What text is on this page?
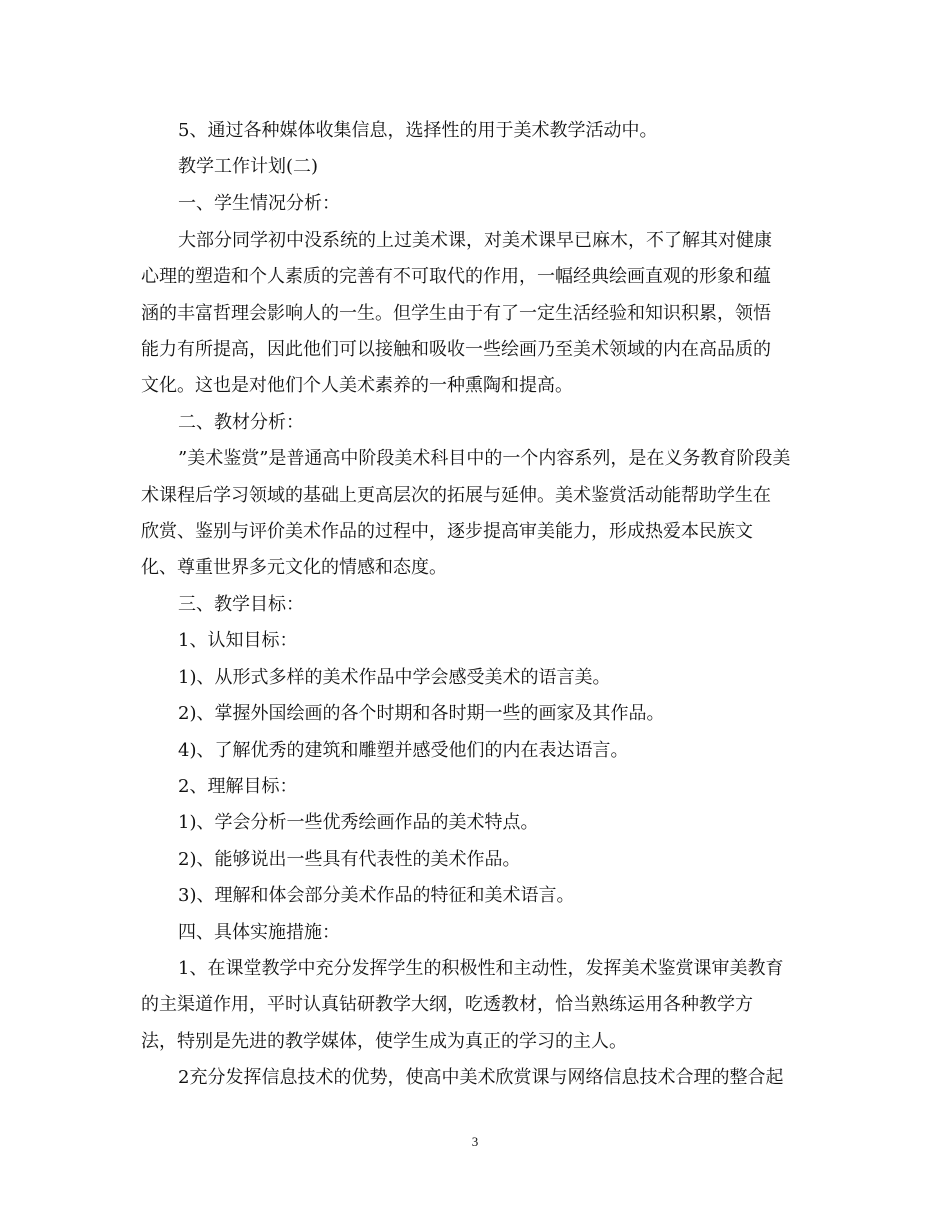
5、通过各种媒体收集信息，选择性的用于美术教学活动中。
教学工作计划(二)
一、学生情况分析：
大部分同学初中没系统的上过美术课，对美术课早已麻木，不了解其对健康
心理的塑造和个人素质的完善有不可取代的作用，一幅经典绘画直观的形象和蕴
涵的丰富哲理会影响人的一生。但学生由于有了一定生活经验和知识积累，领悟
能力有所提高，因此他们可以接触和吸收一些绘画乃至美术领域的内在高品质的
文化。这也是对他们个人美术素养的一种熏陶和提高。
二、教材分析：
”美术鉴赏”是普通高中阶段美术科目中的一个内容系列，是在义务教育阶段美
术课程后学习领域的基础上更高层次的拓展与延伸。美术鉴赏活动能帮助学生在
欣赏、鉴别与评价美术作品的过程中，逐步提高审美能力，形成热爱本民族文
化、尊重世界多元文化的情感和态度。
三、教学目标：
1、认知目标：
1)、从形式多样的美术作品中学会感受美术的语言美。
2)、掌握外国绘画的各个时期和各时期一些的画家及其作品。
4)、了解优秀的建筑和雕塑并感受他们的内在表达语言。
2、理解目标：
1)、学会分析一些优秀绘画作品的美术特点。
2)、能够说出一些具有代表性的美术作品。
3)、理解和体会部分美术作品的特征和美术语言。
四、具体实施措施：
1、在课堂教学中充分发挥学生的积极性和主动性，发挥美术鉴赏课审美教育
的主渠道作用，平时认真钻研教学大纲，吃透教材，恰当熟练运用各种教学方
法，特别是先进的教学媒体，使学生成为真正的学习的主人。
2充分发挥信息技术的优势，使高中美术欣赏课与网络信息技术合理的整合起
3
